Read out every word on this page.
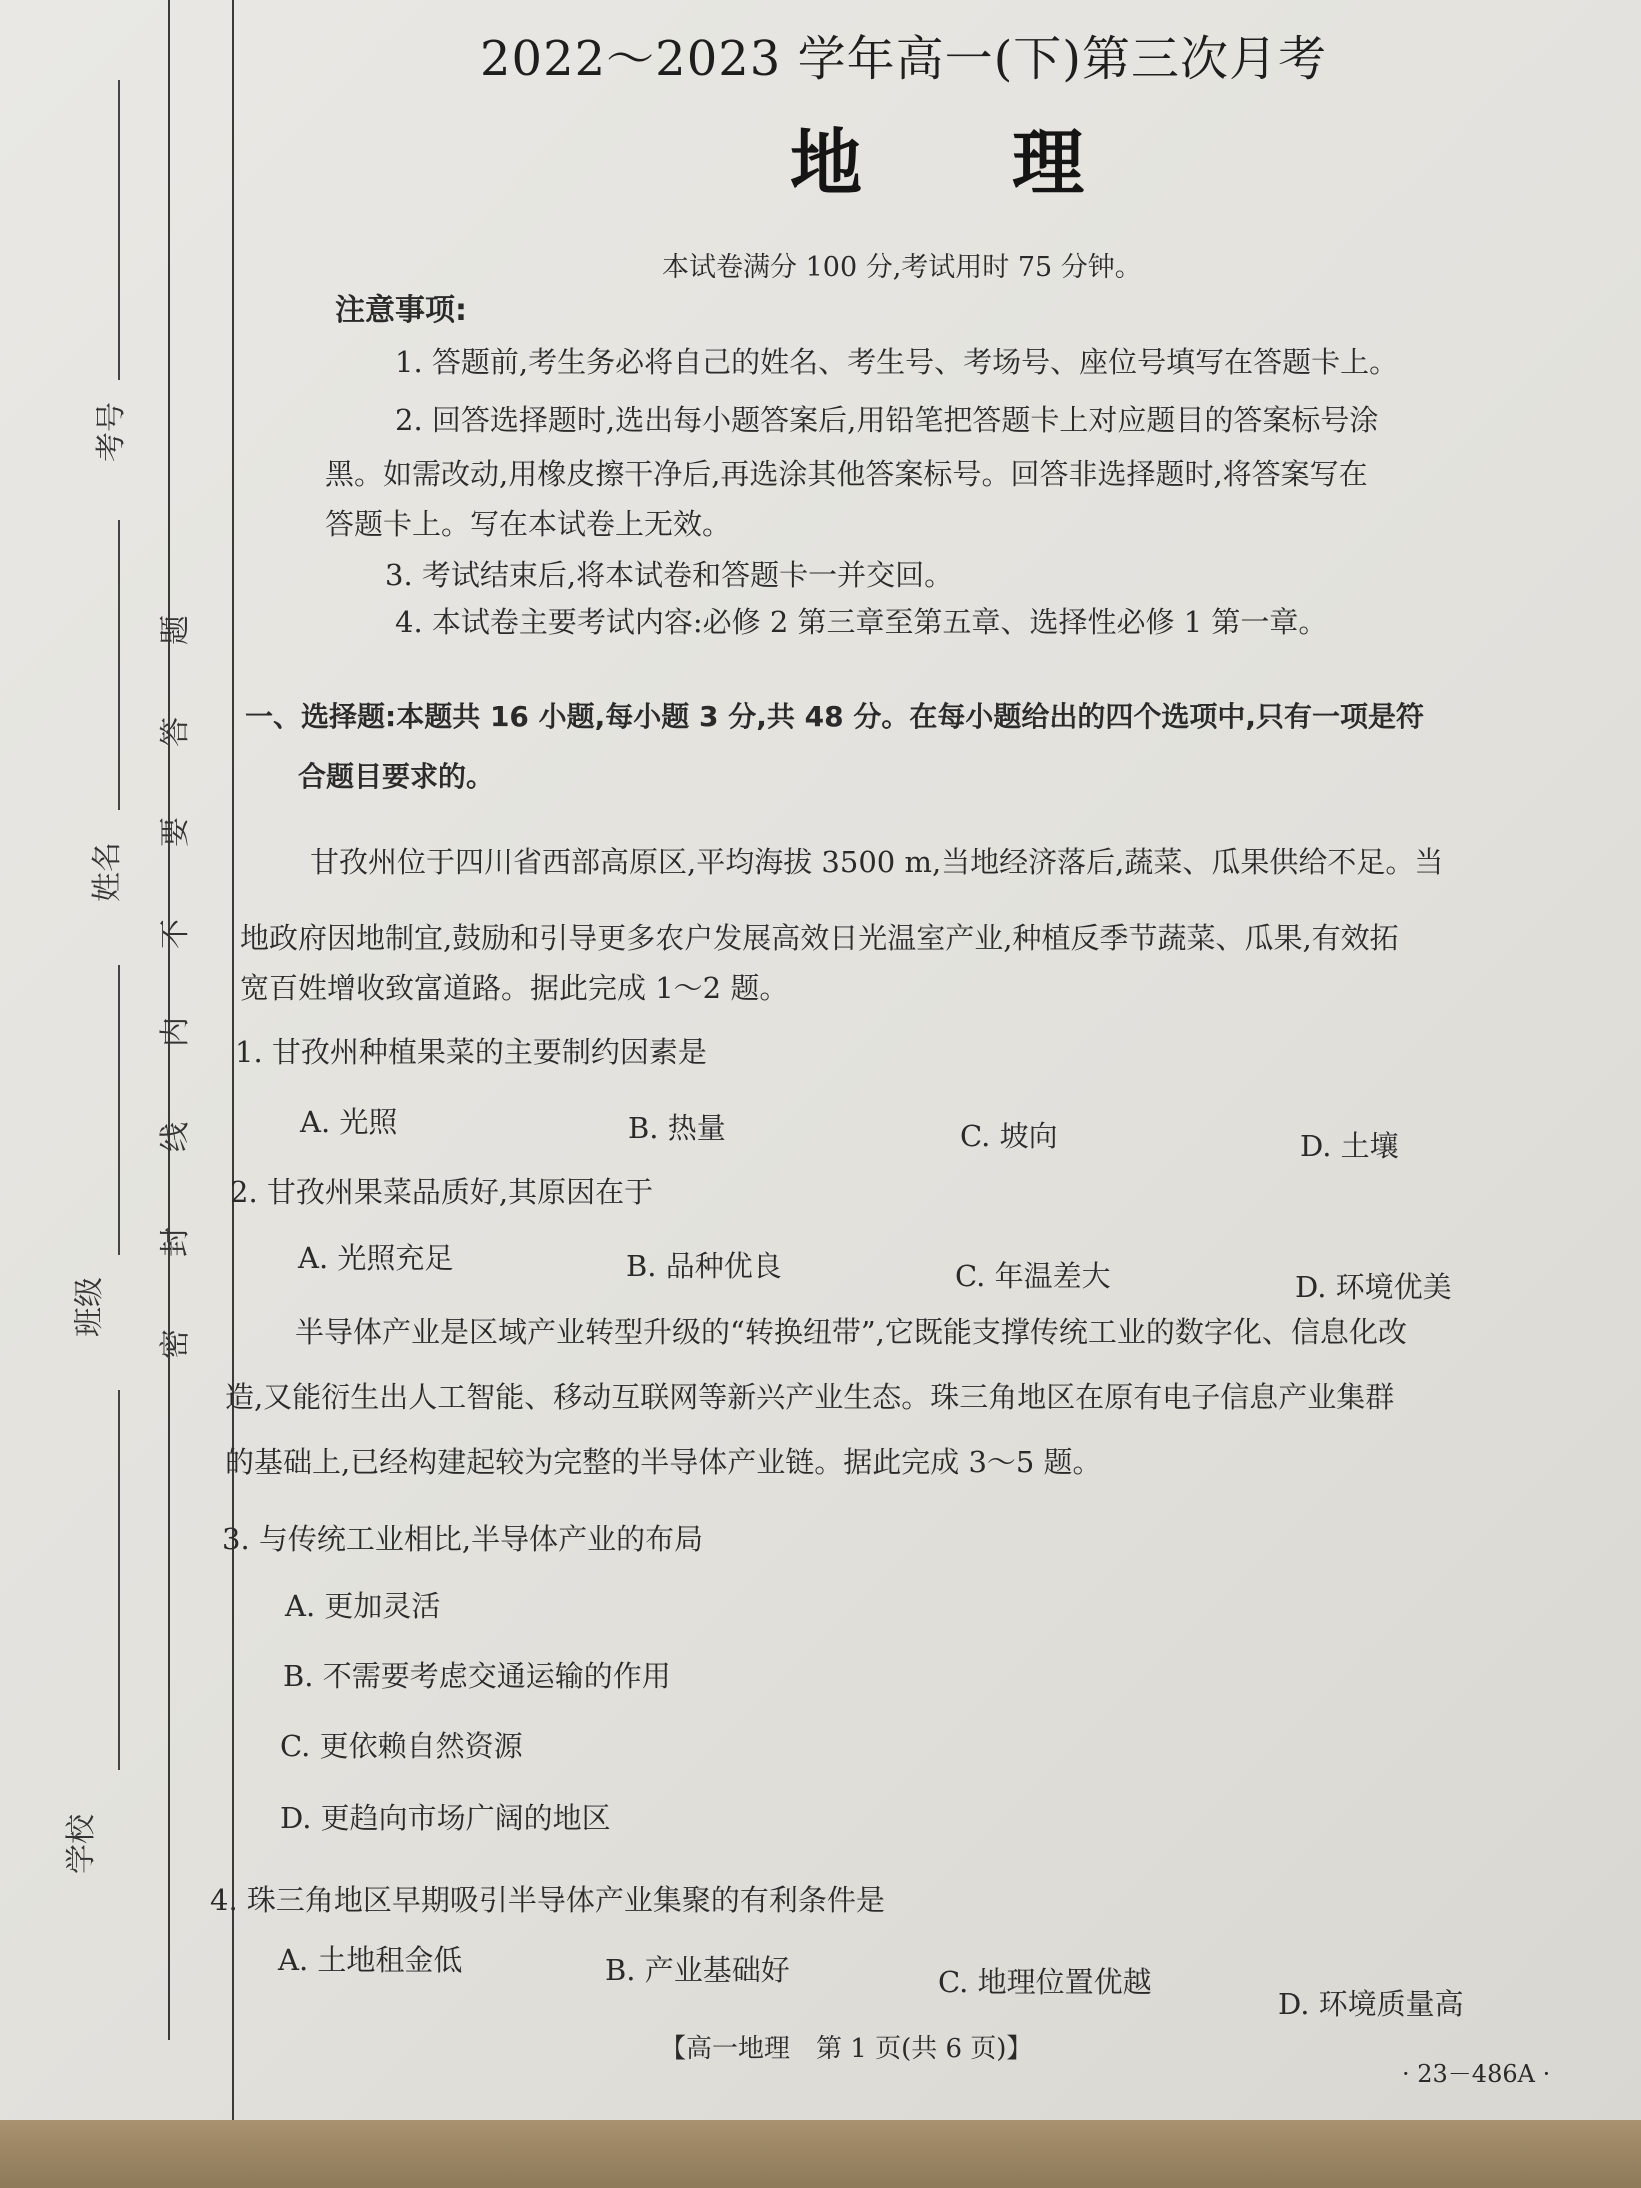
考号
姓名
班级
学校
密
封
线
内
不
要
答
题
2022～2023 学年高一(下)第三次月考
地理
本试卷满分 100 分,考试用时 75 分钟。
注意事项:
1. 答题前,考生务必将自己的姓名、考生号、考场号、座位号填写在答题卡上。
2. 回答选择题时,选出每小题答案后,用铅笔把答题卡上对应题目的答案标号涂
黑。如需改动,用橡皮擦干净后,再选涂其他答案标号。回答非选择题时,将答案写在
答题卡上。写在本试卷上无效。
3. 考试结束后,将本试卷和答题卡一并交回。
4. 本试卷主要考试内容:必修 2 第三章至第五章、选择性必修 1 第一章。
一、选择题:本题共 16 小题,每小题 3 分,共 48 分。在每小题给出的四个选项中,只有一项是符
合题目要求的。
甘孜州位于四川省西部高原区,平均海拔 3500 m,当地经济落后,蔬菜、瓜果供给不足。当
地政府因地制宜,鼓励和引导更多农户发展高效日光温室产业,种植反季节蔬菜、瓜果,有效拓
宽百姓增收致富道路。据此完成 1～2 题。
1. 甘孜州种植果菜的主要制约因素是
A. 光照	B. 热量	C. 坡向	D. 土壤
2. 甘孜州果菜品质好,其原因在于
A. 光照充足	B. 品种优良	C. 年温差大	D. 环境优美
半导体产业是区域产业转型升级的“转换纽带”,它既能支撑传统工业的数字化、信息化改
造,又能衍生出人工智能、移动互联网等新兴产业生态。珠三角地区在原有电子信息产业集群
的基础上,已经构建起较为完整的半导体产业链。据此完成 3～5 题。
3. 与传统工业相比,半导体产业的布局
A. 更加灵活
B. 不需要考虑交通运输的作用
C. 更依赖自然资源
D. 更趋向市场广阔的地区
4. 珠三角地区早期吸引半导体产业集聚的有利条件是
A. 土地租金低	B. 产业基础好	C. 地理位置优越
D. 环境质量高
【高一地理　第 1 页(共 6 页)】
· 23－486A ·
